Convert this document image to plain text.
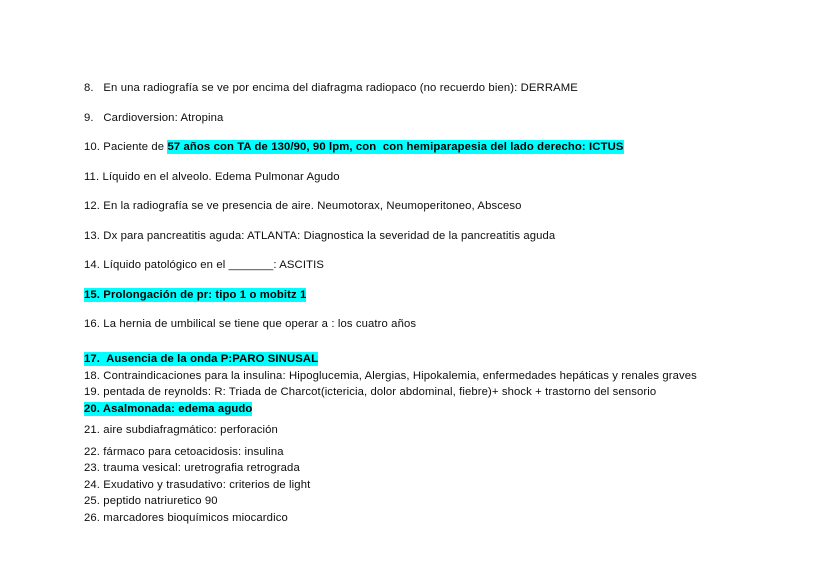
8.   En una radiografía se ve por encima del diafragma radiopaco (no recuerdo bien): DERRAME
9.   Cardioversion: Atropina
10. Paciente de 57 años con TA de 130/90, 90 lpm, con  con hemiparapesia del lado derecho: ICTUS
11. Líquido en el alveolo. Edema Pulmonar Agudo
12. En la radiografía se ve presencia de aire. Neumotorax, Neumoperitoneo, Absceso
13. Dx para pancreatitis aguda: ATLANTA: Diagnostica la severidad de la pancreatitis aguda
14. Líquido patológico en el _______: ASCITIS
15. Prolongación de pr: tipo 1 o mobitz 1
16. La hernia de umbilical se tiene que operar a : los cuatro años
17.  Ausencia de la onda P:PARO SINUSAL
18. Contraindicaciones para la insulina: Hipoglucemia, Alergias, Hipokalemia, enfermedades hepáticas y renales graves
19. pentada de reynolds: R: Triada de Charcot(ictericia, dolor abdominal, fiebre)+ shock + trastorno del sensorio
20. Asalmonada: edema agudo
21. aire subdiafragmático: perforación
22. fármaco para cetoacidosis: insulina
23. trauma vesical: uretrografia retrograda
24. Exudativo y trasudativo: criterios de light
25. peptido natriuretico 90
26. marcadores bioquímicos miocardico
